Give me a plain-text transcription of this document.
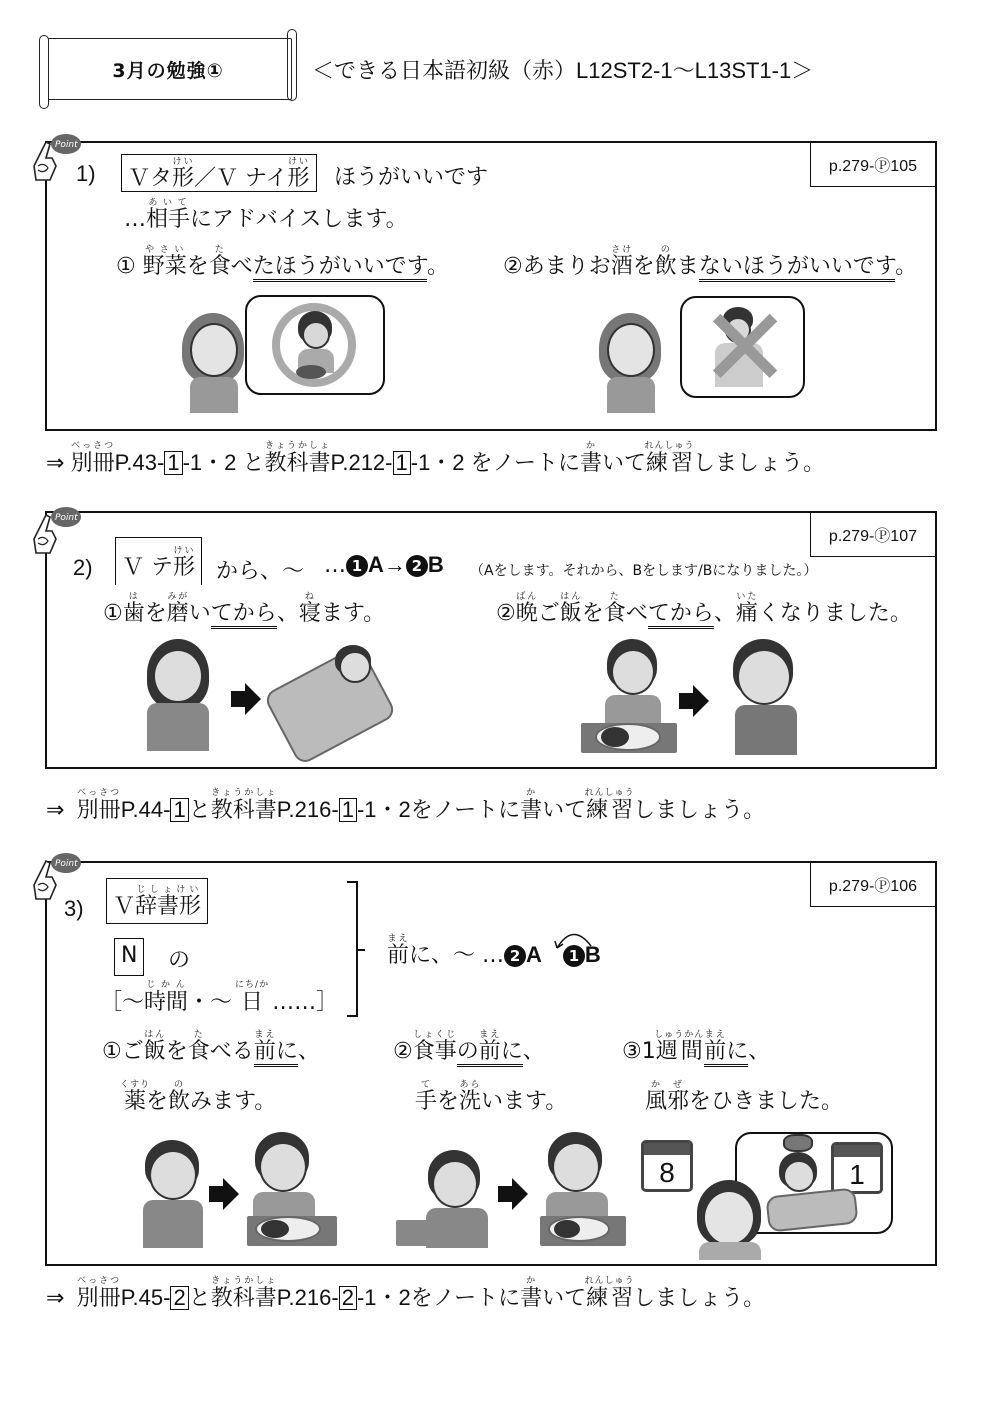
3月の勉強①	＜できる日本語初級（赤）L12ST2-1〜L13ST1-1＞
p.279-Ⓟ105
Point
1)	Ｖタ形けい／Ｖ ナイ形けい
ほうがいいです
…相手あいてにアドバイスします。
① 野菜やさいを食たべたほうがいいです。 ②あまりお酒さけを飲のまないほうがいいです。
✕
⇒ 別冊べっさつP.43- 1 -1・2 と教科書きょうかしょP.212- 1 -1・2 をノートに書かいて練習れんしゅうしましょう。
p.279-Ⓟ107
Point
2)	Ｖ テ形けい
から、〜 … 1 A→ 2 B （Aをします。それから、Bをします/Bになりました。）
①歯はを磨みがいてから、寝ねます。	②晩ばんご飯はんを食たべてから、痛いたくなりました。
⇒ 別冊べっさつP.44- 1 と教科書きょうかしょP.216- 1 -1・2をノートに書かいて練習れんしゅうしましょう。
p.279-Ⓟ106
Point
3)	Ｖ辞書形じしょけい
N	の
［〜時間じかん・〜 日にち/か ……］
前まえに、〜 … 2 A 1 B
①ご飯はんを食たべる前まえに、
薬くすりを飲のみます。
②食事しょくじの前まえに、
手てを洗あらいます。
③1週間しゅうかん前まえに、
風邪かぜをひきました。
8	1
⇒ 別冊べっさつP.45- 2 と教科書きょうかしょP.216- 2 -1・2をノートに書かいて練習れんしゅうしましょう。
